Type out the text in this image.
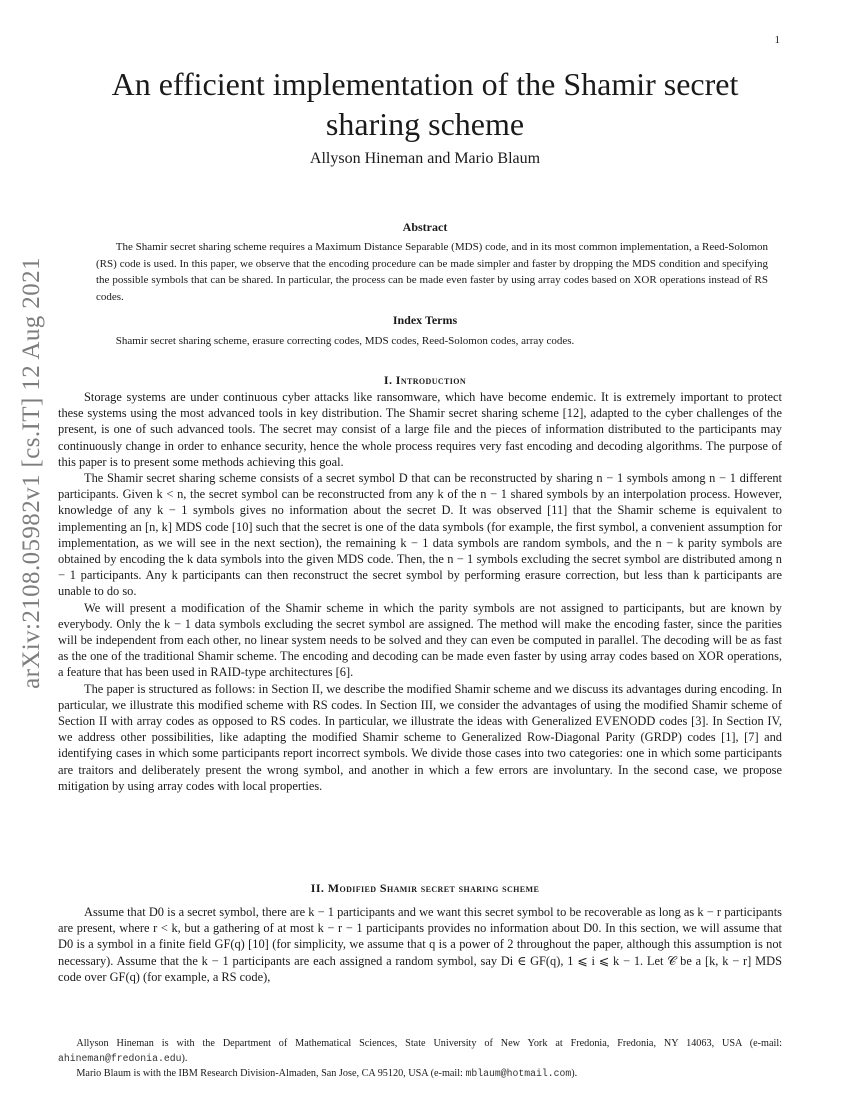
1
arXiv:2108.05982v1 [cs.IT] 12 Aug 2021
An efficient implementation of the Shamir secret sharing scheme
Allyson Hineman and Mario Blaum
Abstract

The Shamir secret sharing scheme requires a Maximum Distance Separable (MDS) code, and in its most common implementation, a Reed-Solomon (RS) code is used. In this paper, we observe that the encoding procedure can be made simpler and faster by dropping the MDS condition and specifying the possible symbols that can be shared. In particular, the process can be made even faster by using array codes based on XOR operations instead of RS codes.

Index Terms

Shamir secret sharing scheme, erasure correcting codes, MDS codes, Reed-Solomon codes, array codes.

I. Introduction

Storage systems are under continuous cyber attacks like ransomware, which have become endemic. It is extremely important to protect these systems using the most advanced tools in key distribution. The Shamir secret sharing scheme [12], adapted to the cyber challenges of the present, is one of such advanced tools. The secret may consist of a large file and the pieces of information distributed to the participants may continuously change in order to enhance security, hence the whole process requires very fast encoding and decoding algorithms. The purpose of this paper is to present some methods achieving this goal.

The Shamir secret sharing scheme consists of a secret symbol D that can be reconstructed by sharing n − 1 symbols among n − 1 different participants. Given k < n, the secret symbol can be reconstructed from any k of the n − 1 shared symbols by an interpolation process. However, knowledge of any k − 1 symbols gives no information about the secret D. It was observed [11] that the Shamir scheme is equivalent to implementing an [n, k] MDS code [10] such that the secret is one of the data symbols (for example, the first symbol, a convenient assumption for implementation, as we will see in the next section), the remaining k − 1 data symbols are random symbols, and the n − k parity symbols are obtained by encoding the k data symbols into the given MDS code. Then, the n − 1 symbols excluding the secret symbol are distributed among n − 1 participants. Any k participants can then reconstruct the secret symbol by performing erasure correction, but less than k participants are unable to do so.

We will present a modification of the Shamir scheme in which the parity symbols are not assigned to participants, but are known by everybody. Only the k − 1 data symbols excluding the secret symbol are assigned. The method will make the encoding faster, since the parities will be independent from each other, no linear system needs to be solved and they can even be computed in parallel. The decoding will be as fast as the one of the traditional Shamir scheme. The encoding and decoding can be made even faster by using array codes based on XOR operations, a feature that has been used in RAID-type architectures [6].

The paper is structured as follows: in Section II, we describe the modified Shamir scheme and we discuss its advantages during encoding. In particular, we illustrate this modified scheme with RS codes. In Section III, we consider the advantages of using the modified Shamir scheme of Section II with array codes as opposed to RS codes. In particular, we illustrate the ideas with Generalized EVENODD codes [3]. In Section IV, we address other possibilities, like adapting the modified Shamir scheme to Generalized Row-Diagonal Parity (GRDP) codes [1], [7] and identifying cases in which some participants report incorrect symbols. We divide those cases into two categories: one in which some participants are traitors and deliberately present the wrong symbol, and another in which a few errors are involuntary. In the second case, we propose mitigation by using array codes with local properties.

II. Modified Shamir secret sharing scheme

Assume that D0 is a secret symbol, there are k − 1 participants and we want this secret symbol to be recoverable as long as k − r participants are present, where r < k, but a gathering of at most k − r − 1 participants provides no information about D0. In this section, we will assume that D0 is a symbol in a finite field GF(q) [10] (for simplicity, we assume that q is a power of 2 throughout the paper, although this assumption is not necessary). Assume that the k − 1 participants are each assigned a random symbol, say Di ∈ GF(q), 1 ⩽ i ⩽ k − 1. Let 𝒞 be a [k, k − r] MDS code over GF(q) (for example, a RS code),

Allyson Hineman is with the Department of Mathematical Sciences, State University of New York at Fredonia, Fredonia, NY 14063, USA (e-mail: ahineman@fredonia.edu).

Mario Blaum is with the IBM Research Division-Almaden, San Jose, CA 95120, USA (e-mail: mblaum@hotmail.com).
